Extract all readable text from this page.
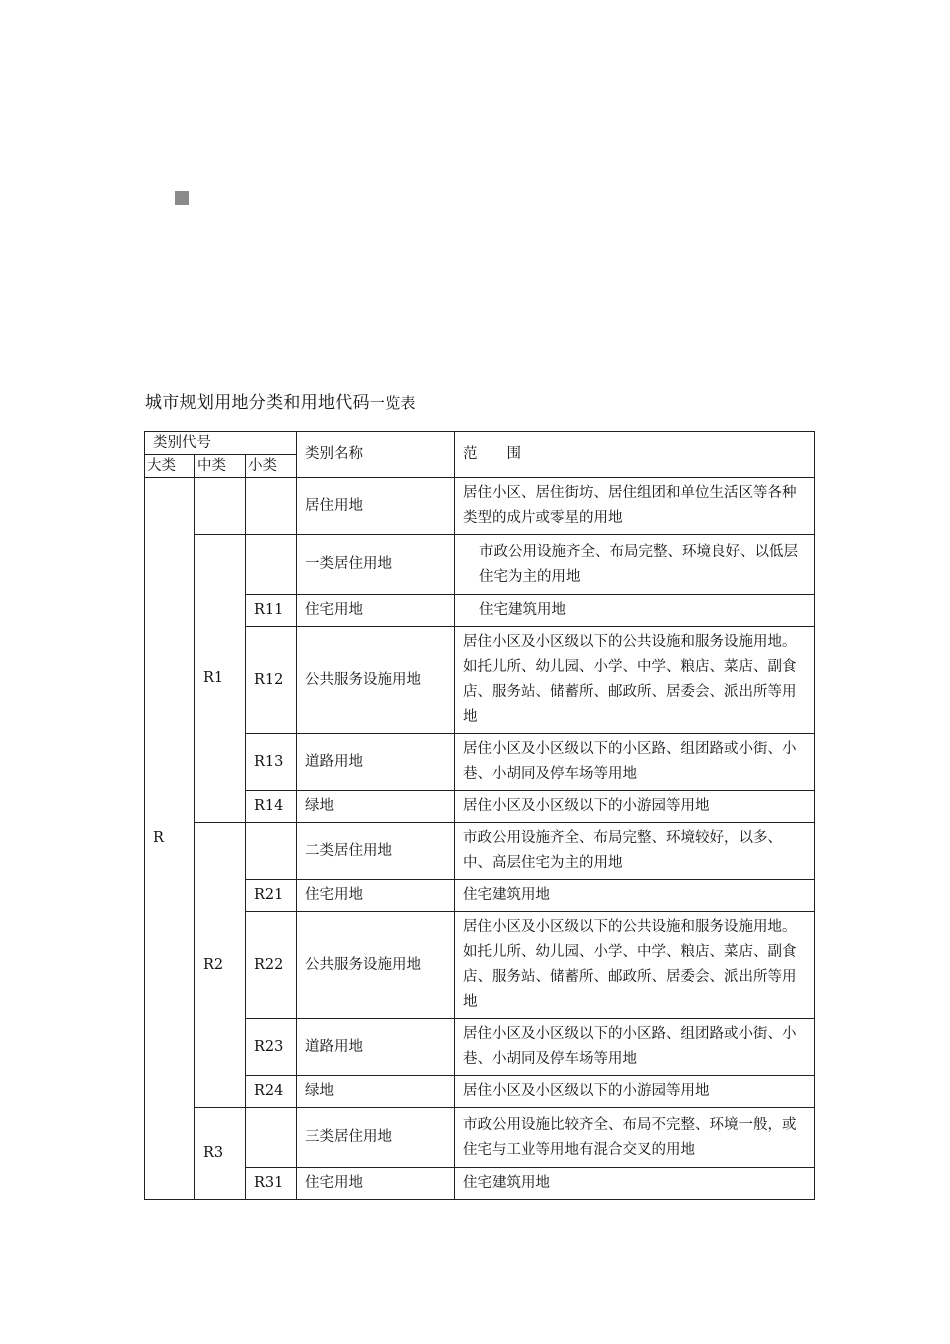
城市规划用地分类和用地代码一览表
类别代号			类别名称	范　　围
大类	中类	小类		
R			居住用地	居住小区、居住街坊、居住组团和单位生活区等各种类型的成片或零星的用地
	R1		一类居住用地	市政公用设施齐全、布局完整、环境良好、以低层住宅为主的用地
		R11	住宅用地	住宅建筑用地
		R12	公共服务设施用地	居住小区及小区级以下的公共设施和服务设施用地。如托儿所、幼儿园、小学、中学、粮店、菜店、副食店、服务站、储蓄所、邮政所、居委会、派出所等用地
		R13	道路用地	居住小区及小区级以下的小区路、组团路或小街、小巷、小胡同及停车场等用地
		R14	绿地	居住小区及小区级以下的小游园等用地
	R2		二类居住用地	市政公用设施齐全、布局完整、环境较好，以多、中、高层住宅为主的用地
		R21	住宅用地	住宅建筑用地
		R22	公共服务设施用地	居住小区及小区级以下的公共设施和服务设施用地。如托儿所、幼儿园、小学、中学、粮店、菜店、副食店、服务站、储蓄所、邮政所、居委会、派出所等用地
		R23	道路用地	居住小区及小区级以下的小区路、组团路或小街、小巷、小胡同及停车场等用地
		R24	绿地	居住小区及小区级以下的小游园等用地
	R3		三类居住用地	市政公用设施比较齐全、布局不完整、环境一般，或住宅与工业等用地有混合交叉的用地
		R31	住宅用地	住宅建筑用地
